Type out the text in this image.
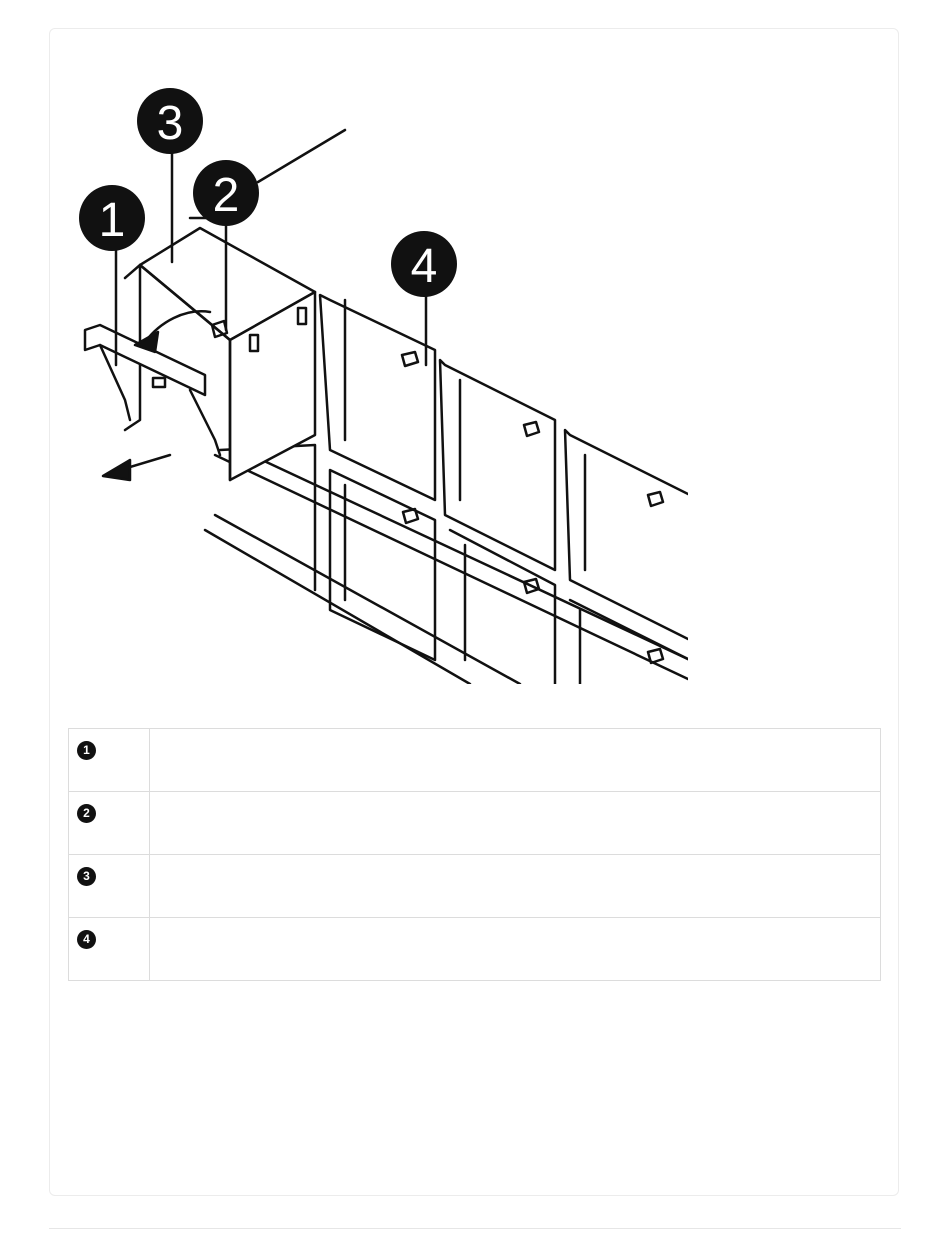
1 2
3
4
1	

2	

3	

4	
